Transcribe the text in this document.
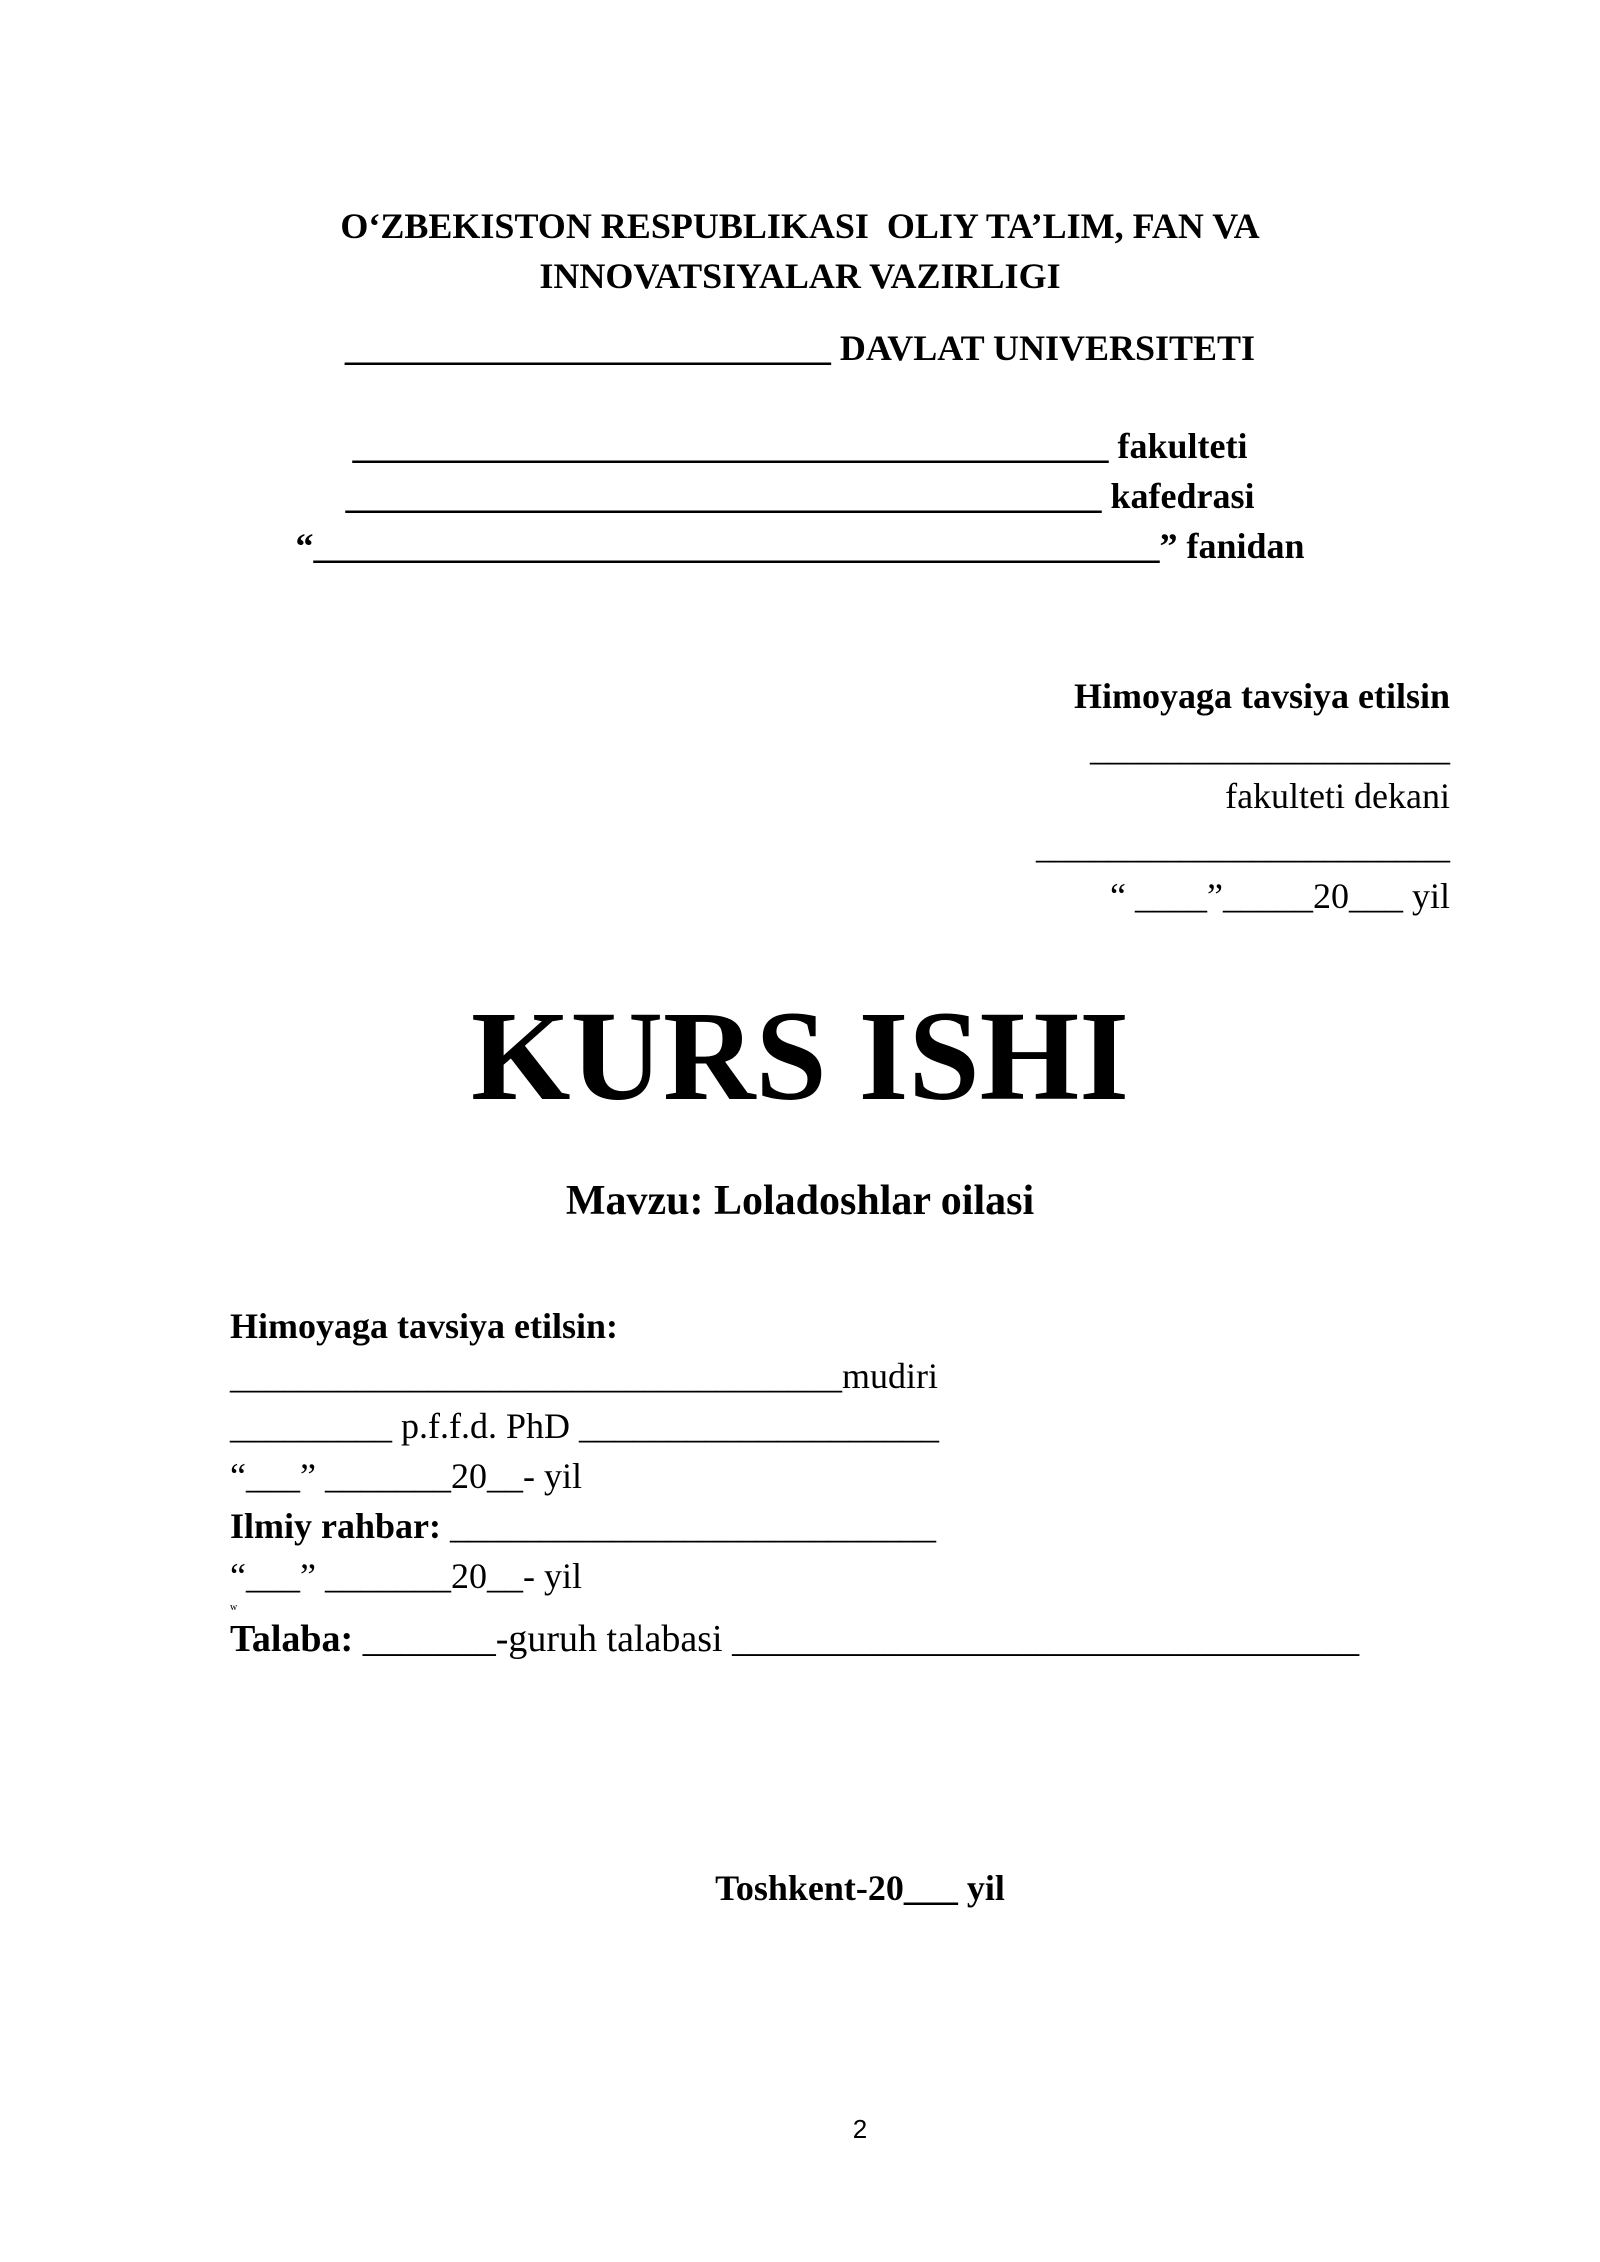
O‘ZBEKISTON RESPUBLIKASI  OLIY TA’LIM, FAN VA
INNOVATSIYALAR VAZIRLIGI
___________________________ DAVLAT UNIVERSITETI
__________________________________________ fakulteti
__________________________________________ kafedrasi
“_______________________________________________” fanidan
Himoyaga tavsiya etilsin
____________________
fakulteti dekani
_______________________
“ ____”_____20___ yil
KURS ISHI
Mavzu: Loladoshlar oilasi
Himoyaga tavsiya etilsin:
__________________________________mudiri
_________ p.f.f.d. PhD ____________________
“___” _______20__- yil
Ilmiy rahbar: ___________________________
“___” _______20__- yil
w
Talaba: _______-guruh talabasi _________________________________
Toshkent-20___ yil
2
